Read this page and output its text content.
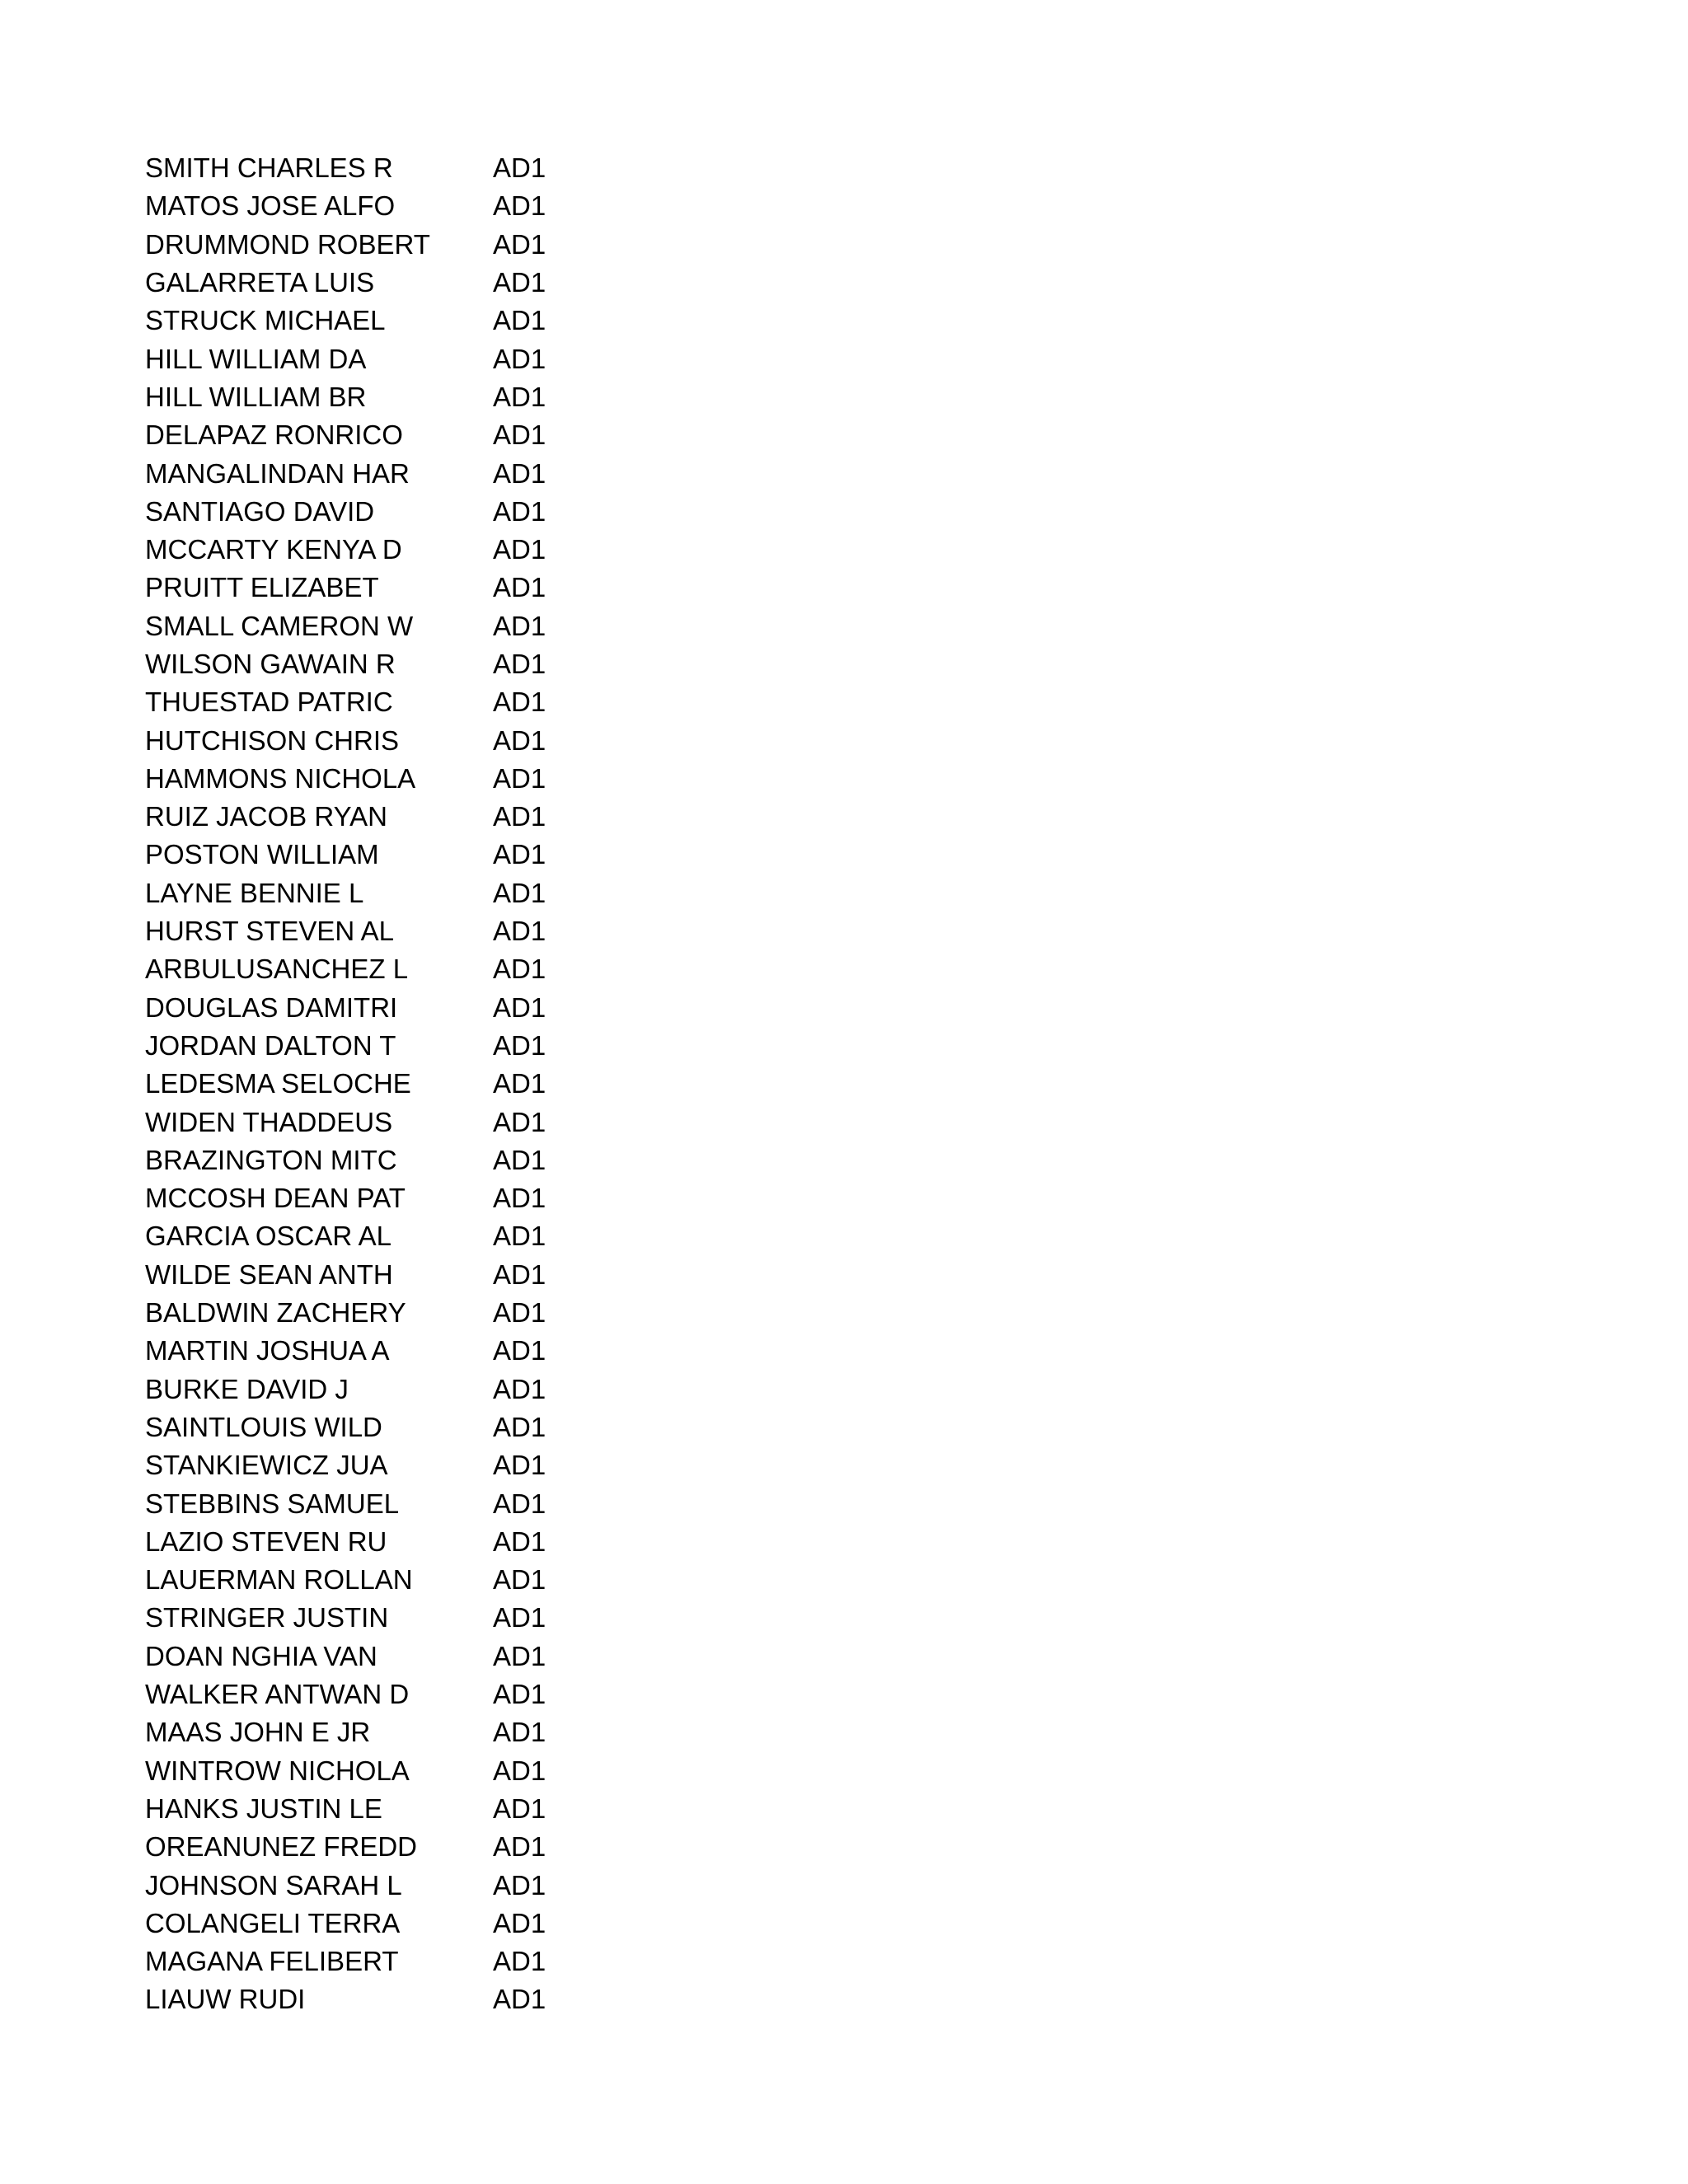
SMITH CHARLES R	AD1
MATOS JOSE ALFO	AD1
DRUMMOND ROBERT	AD1
GALARRETA LUIS	AD1
STRUCK MICHAEL	AD1
HILL WILLIAM DA	AD1
HILL WILLIAM BR	AD1
DELAPAZ RONRICO	AD1
MANGALINDAN HAR	AD1
SANTIAGO DAVID	AD1
MCCARTY KENYA D	AD1
PRUITT ELIZABET	AD1
SMALL CAMERON W	AD1
WILSON GAWAIN R	AD1
THUESTAD PATRIC	AD1
HUTCHISON CHRIS	AD1
HAMMONS NICHOLA	AD1
RUIZ JACOB RYAN	AD1
POSTON WILLIAM	AD1
LAYNE BENNIE L	AD1
HURST STEVEN AL	AD1
ARBULUSANCHEZ L	AD1
DOUGLAS DAMITRI	AD1
JORDAN DALTON T	AD1
LEDESMA SELOCHE	AD1
WIDEN THADDEUS	AD1
BRAZINGTON MITC	AD1
MCCOSH DEAN PAT	AD1
GARCIA OSCAR AL	AD1
WILDE SEAN ANTH	AD1
BALDWIN ZACHERY	AD1
MARTIN JOSHUA A	AD1
BURKE DAVID J	AD1
SAINTLOUIS WILD	AD1
STANKIEWICZ JUA	AD1
STEBBINS SAMUEL	AD1
LAZIO STEVEN RU	AD1
LAUERMAN ROLLAN	AD1
STRINGER JUSTIN	AD1
DOAN NGHIA VAN	AD1
WALKER ANTWAN D	AD1
MAAS JOHN E JR	AD1
WINTROW NICHOLA	AD1
HANKS JUSTIN LE	AD1
OREANUNEZ FREDD	AD1
JOHNSON SARAH L	AD1
COLANGELI TERRA	AD1
MAGANA FELIBERT	AD1
LIAUW RUDI	AD1
